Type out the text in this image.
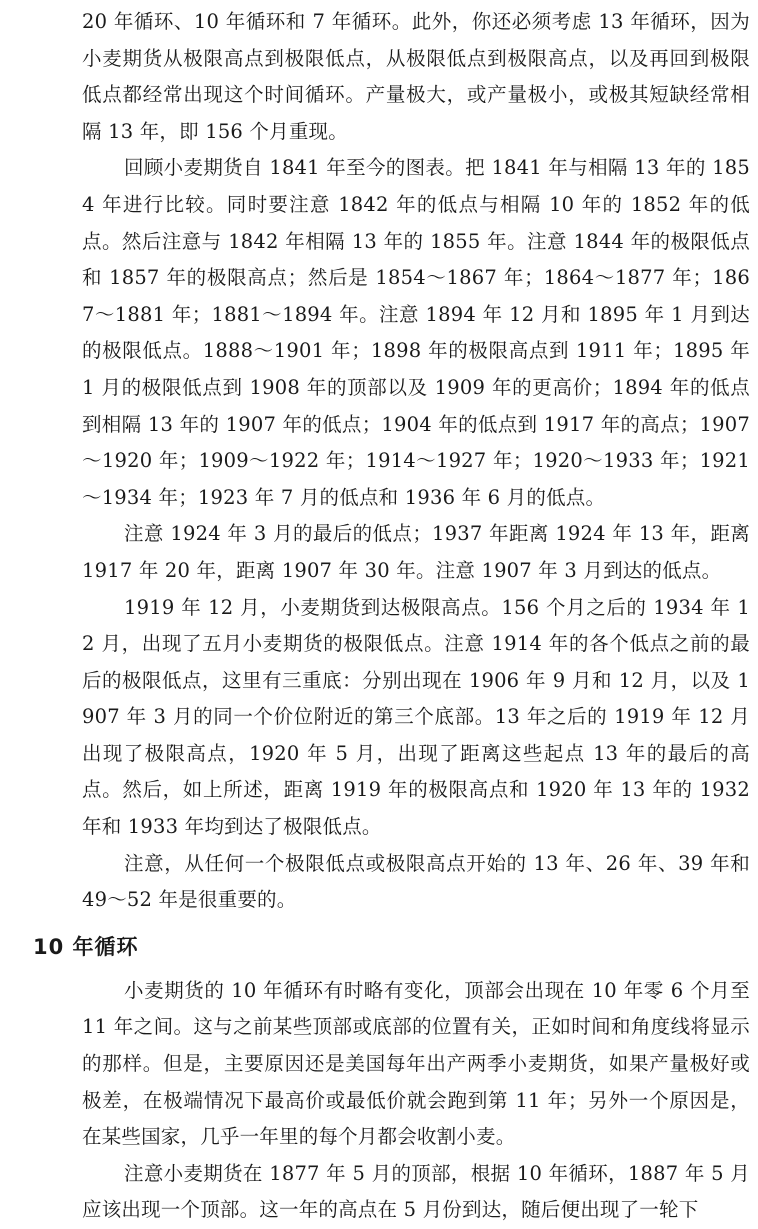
20 年循环、10 年循环和 7 年循环。此外，你还必须考虑 13 年循环，因为小麦期货从极限高点到极限低点，从极限低点到极限高点，以及再回到极限低点都经常出现这个时间循环。产量极大，或产量极小，或极其短缺经常相隔 13 年，即 156 个月重现。

回顾小麦期货自 1841 年至今的图表。把 1841 年与相隔 13 年的 1854 年进行比较。同时要注意 1842 年的低点与相隔 10 年的 1852 年的低点。然后注意与 1842 年相隔 13 年的 1855 年。注意 1844 年的极限低点和 1857 年的极限高点；然后是 1854～1867 年；1864～1877 年；1867～1881 年；1881～1894 年。注意 1894 年 12 月和 1895 年 1 月到达的极限低点。1888～1901 年；1898 年的极限高点到 1911 年；1895 年 1 月的极限低点到 1908 年的顶部以及 1909 年的更高价；1894 年的低点到相隔 13 年的 1907 年的低点；1904 年的低点到 1917 年的高点；1907～1920 年；1909～1922 年；1914～1927 年；1920～1933 年；1921～1934 年；1923 年 7 月的低点和 1936 年 6 月的低点。

注意 1924 年 3 月的最后的低点；1937 年距离 1924 年 13 年，距离 1917 年 20 年，距离 1907 年 30 年。注意 1907 年 3 月到达的低点。

1919 年 12 月，小麦期货到达极限高点。156 个月之后的 1934 年 12 月，出现了五月小麦期货的极限低点。注意 1914 年的各个低点之前的最后的极限低点，这里有三重底：分别出现在 1906 年 9 月和 12 月，以及 1907 年 3 月的同一个价位附近的第三个底部。13 年之后的 1919 年 12 月出现了极限高点，1920 年 5 月，出现了距离这些起点 13 年的最后的高点。然后，如上所述，距离 1919 年的极限高点和 1920 年 13 年的 1932 年和 1933 年均到达了极限低点。

注意，从任何一个极限低点或极限高点开始的 13 年、26 年、39 年和 49～52 年是很重要的。

10 年循环

小麦期货的 10 年循环有时略有变化，顶部会出现在 10 年零 6 个月至 11 年之间。这与之前某些顶部或底部的位置有关，正如时间和角度线将显示的那样。但是，主要原因还是美国每年出产两季小麦期货，如果产量极好或极差，在极端情况下最高价或最低价就会跑到第 11 年；另外一个原因是，在某些国家，几乎一年里的每个月都会收割小麦。

注意小麦期货在 1877 年 5 月的顶部，根据 10 年循环，1887 年 5 月应该出现一个顶部。这一年的高点在 5 月份到达，随后便出现了一轮下
